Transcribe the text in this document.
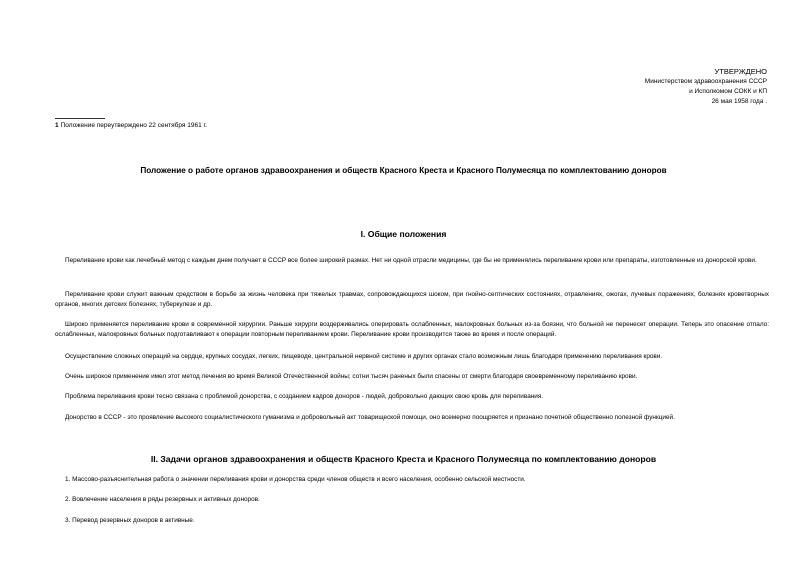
УТВЕРЖДЕНО
Министерством здравоохранения СССР
и Исполкомом СОКК и КП
26 мая 1958 года .
1 Положение переутверждено 22 сентября 1961 г.
Положение о работе органов здравоохранения и обществ Красного Креста и Красного Полумесяца по комплектованию доноров
I. Общие положения

Переливание крови как лечебный метод с каждым днем получает в СССР все более широкий размах. Нет ни одной отрасли медицины, где бы не применялись переливание крови или препараты, изготовленные из донорской крови.

Переливание крови служит важным средством в борьбе за жизнь человека при тяжелых травмах, сопровождающихся шоком, при гнойно-септических состояниях, отравлениях, ожогах, лучевых поражениях, болезнях кроветворных органов, многих детских болезнях, туберкулезе и др.

Широко применяется переливание крови в современной хирургии. Раньше хирурги воздерживались оперировать ослабленных, малокровных больных из-за боязни, что больной не перенесет операции. Теперь это опасение отпало: ослабленных, малокровных больных подготавливают к операции повторным переливанием крови. Переливание крови производится также во время и после операций.

Осуществление сложных операций на сердце, крупных сосудах, легких, пищеводе, центральной нервной системе и других органах стало возможным лишь благодаря применению переливания крови.

Очень широкое применение имел этот метод лечения во время Великой Отечественной войны; сотни тысяч раненых были спасены от смерти благодаря своевременному переливанию крови.

Проблема переливания крови тесно связана с проблемой донорства, с созданием кадров доноров - людей, добровольно дающих свою кровь для переливания.

Донорство в СССР - это проявление высокого социалистического гуманизма и добровольный акт товарищеской помощи, оно всемерно поощряется и признано почетной общественно полезной функцией.

II. Задачи органов здравоохранения и обществ Красного Креста и Красного Полумесяца по комплектованию доноров

1. Массово-разъяснительная работа о значении переливания крови и донорства среди членов обществ и всего населения, особенно сельской местности.

2. Вовлечение населения в ряды резервных и активных доноров.

3. Перевод резервных доноров в активные.
